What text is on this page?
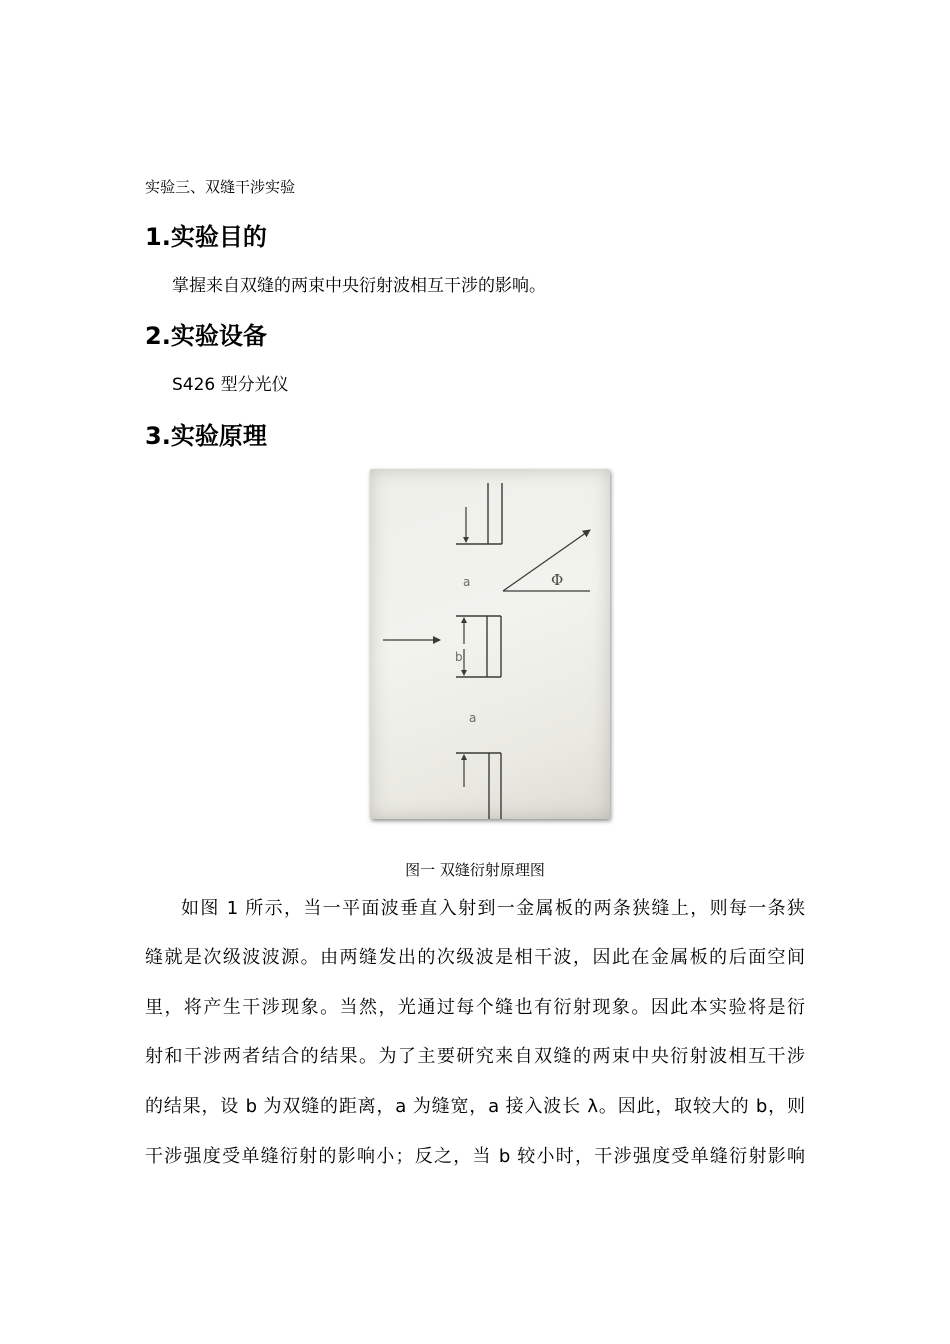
实验三、双缝干涉实验
1.实验目的
掌握来自双缝的两束中央衍射波相互干涉的影响。
2.实验设备
S426 型分光仪
3.实验原理
a
b
a
Φ
图一 双缝衍射原理图
如图 1 所示，当一平面波垂直入射到一金属板的两条狭缝上，则每一条狭
缝就是次级波波源。由两缝发出的次级波是相干波，因此在金属板的后面空间
里，将产生干涉现象。当然，光通过每个缝也有衍射现象。因此本实验将是衍
射和干涉两者结合的结果。为了主要研究来自双缝的两束中央衍射波相互干涉
的结果，设 b 为双缝的距离，a 为缝宽，a 接入波长 λ。因此，取较大的 b，则
干涉强度受单缝衍射的影响小；反之，当 b 较小时，干涉强度受单缝衍射影响
